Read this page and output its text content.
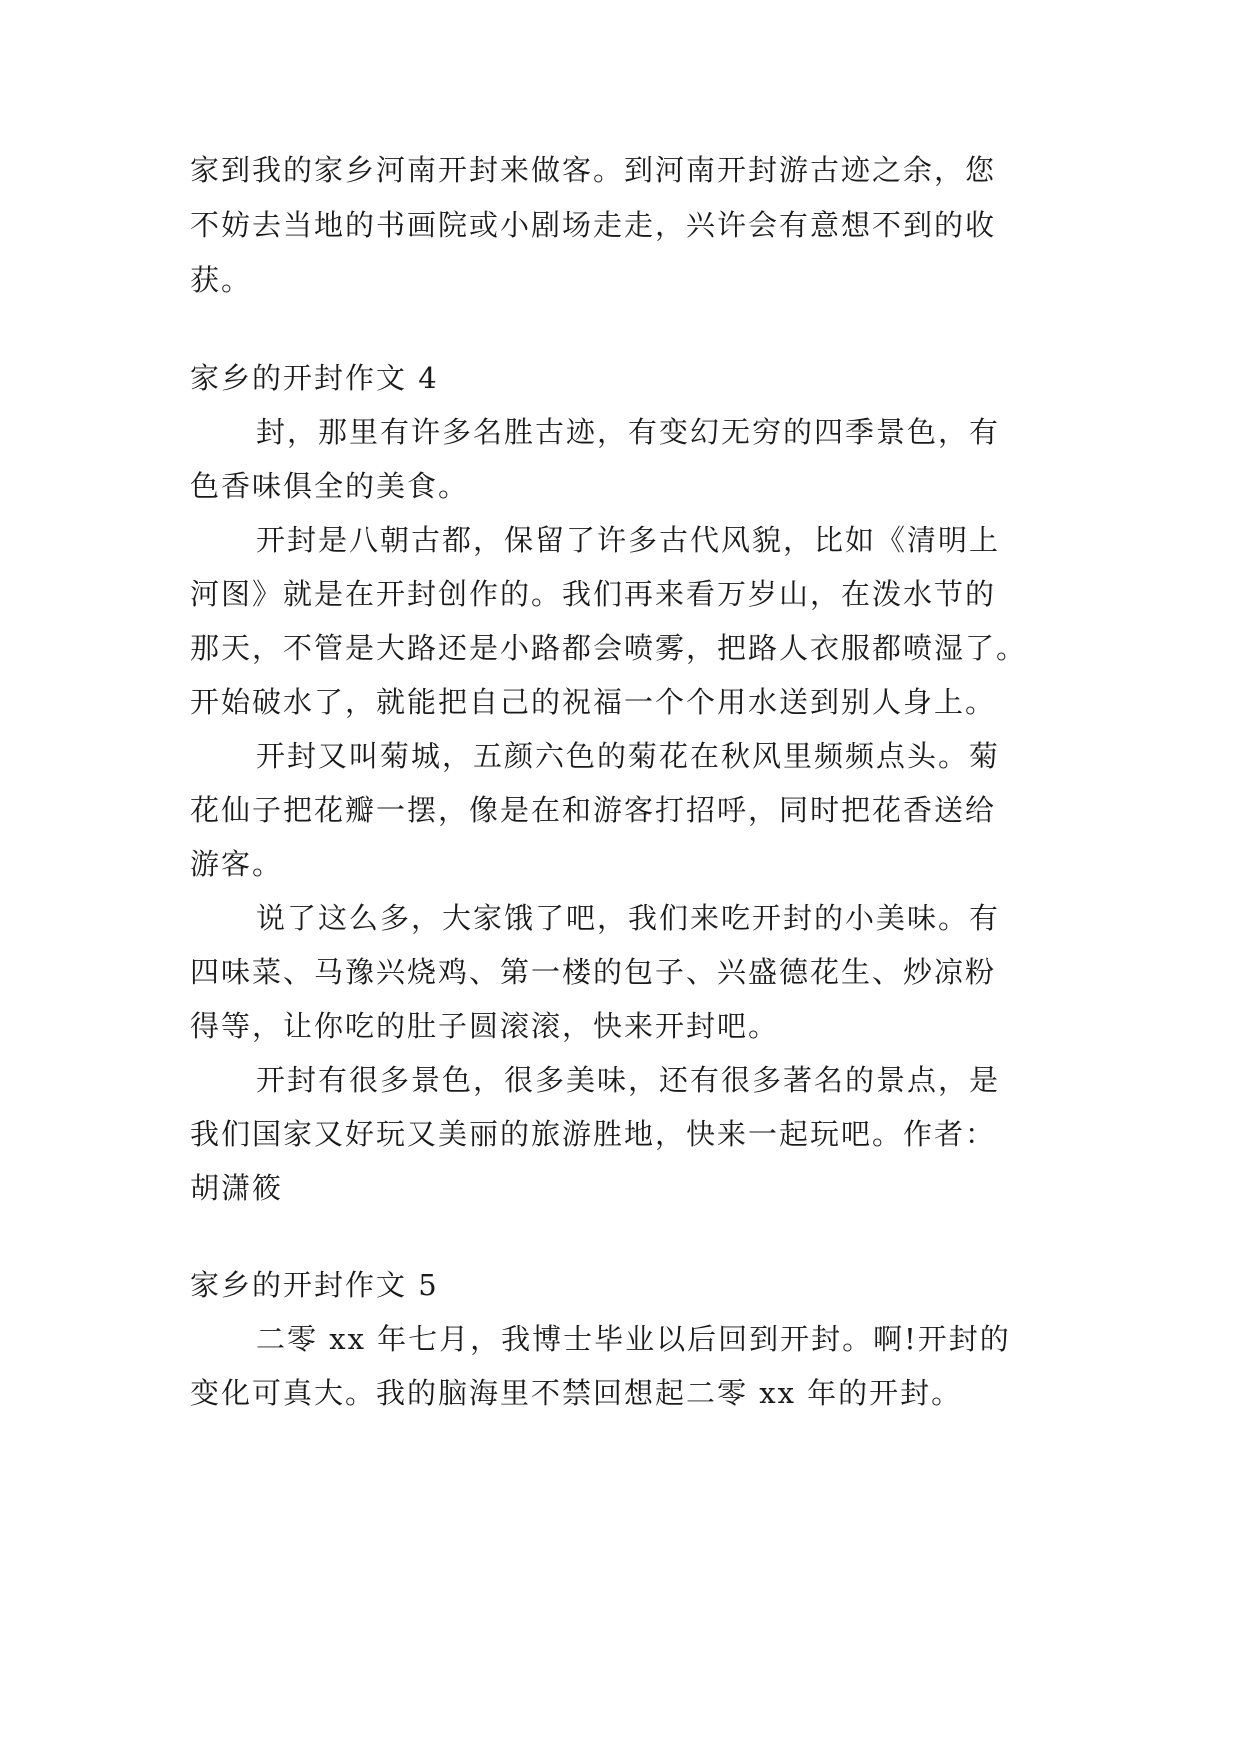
家到我的家乡河南开封来做客。到河南开封游古迹之余，您
不妨去当地的书画院或小剧场走走，兴许会有意想不到的收
获。
家乡的开封作文 4
封，那里有许多名胜古迹，有变幻无穷的四季景色，有
色香味俱全的美食。
开封是八朝古都，保留了许多古代风貌，比如《清明上
河图》就是在开封创作的。我们再来看万岁山，在泼水节的
那天，不管是大路还是小路都会喷雾，把路人衣服都喷湿了。
开始破水了，就能把自己的祝福一个个用水送到别人身上。
开封又叫菊城，五颜六色的菊花在秋风里频频点头。菊
花仙子把花瓣一摆，像是在和游客打招呼，同时把花香送给
游客。
说了这么多，大家饿了吧，我们来吃开封的小美味。有
四味菜、马豫兴烧鸡、第一楼的包子、兴盛德花生、炒凉粉
得等，让你吃的肚子圆滚滚，快来开封吧。
开封有很多景色，很多美味，还有很多著名的景点，是
我们国家又好玩又美丽的旅游胜地，快来一起玩吧。作者：
胡潇筱
家乡的开封作文 5
二零 xx 年七月，我博士毕业以后回到开封。啊!开封的
变化可真大。我的脑海里不禁回想起二零 xx 年的开封。
